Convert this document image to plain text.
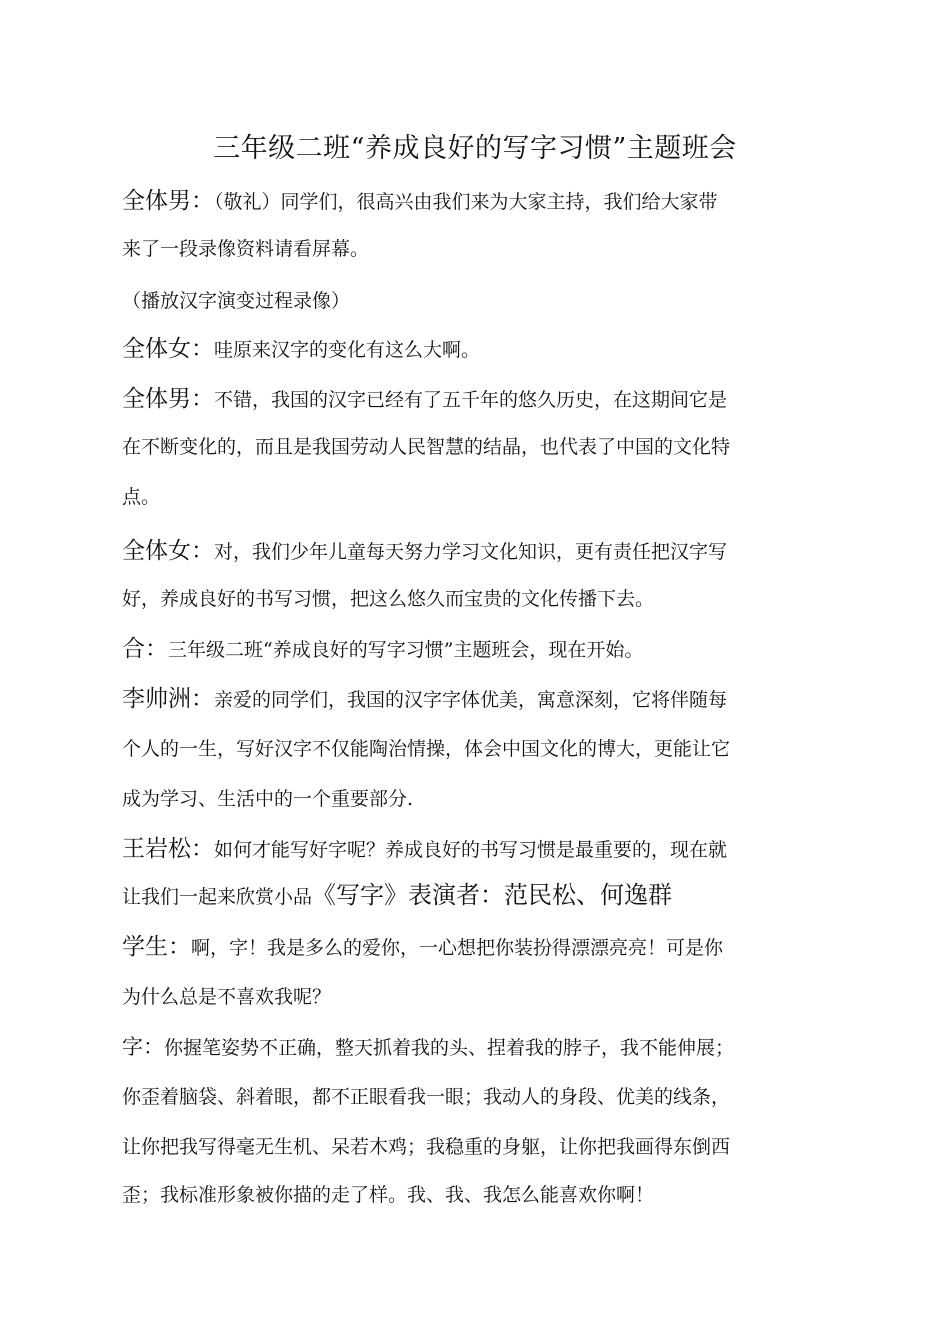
三年级二班“养成良好的写字习惯”主题班会
全体男：（敬礼）同学们，很高兴由我们来为大家主持，我们给大家带
来了一段录像资料请看屏幕。
（播放汉字演变过程录像）
全体女：哇原来汉字的变化有这么大啊。
全体男：不错，我国的汉字已经有了五千年的悠久历史，在这期间它是
在不断变化的，而且是我国劳动人民智慧的结晶，也代表了中国的文化特
点。
全体女：对，我们少年儿童每天努力学习文化知识，更有责任把汉字写
好，养成良好的书写习惯，把这么悠久而宝贵的文化传播下去。
合：三年级二班“养成良好的写字习惯”主题班会，现在开始。
李帅洲：亲爱的同学们，我国的汉字字体优美，寓意深刻，它将伴随每
个人的一生，写好汉字不仅能陶治情操，体会中国文化的博大，更能让它
成为学习、生活中的一个重要部分.
王岩松：如何才能写好字呢？养成良好的书写习惯是最重要的，现在就
让我们一起来欣赏小品《写字》表演者：范民松、何逸群
学生：啊，字！我是多么的爱你，一心想把你装扮得漂漂亮亮！可是你
为什么总是不喜欢我呢？
字：你握笔姿势不正确，整天抓着我的头、捏着我的脖子，我不能伸展；
你歪着脑袋、斜着眼，都不正眼看我一眼；我动人的身段、优美的线条，
让你把我写得毫无生机、呆若木鸡；我稳重的身躯，让你把我画得东倒西
歪；我标准形象被你描的走了样。我、我、我怎么能喜欢你啊！
